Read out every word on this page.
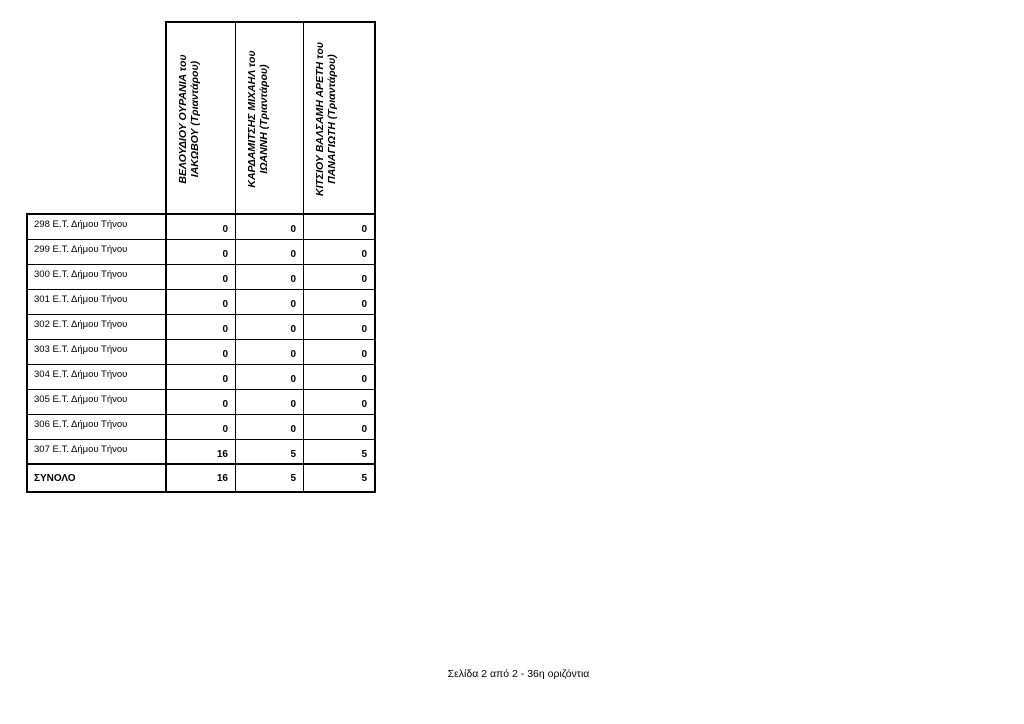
	ΒΕΛΟΥΔΙΟΥ ΟΥΡΑΝΙΑ του ΙΑΚΩΒΟΥ (Τριαντάρου)	ΚΑΡΔΑΜΙΤΣΗΣ ΜΙΧΑΗΛ του ΙΩΑΝΝΗ (Τριαντάρου)	ΚΙΤΣΙΟΥ ΒΑΛΣΑΜΗ ΑΡΕΤΗ του ΠΑΝΑΓΙΩΤΗ (Τριαντάρου)

298 Ε.Τ. Δήμου Τήνου	0	0	0
299 Ε.Τ. Δήμου Τήνου	0	0	0
300 Ε.Τ. Δήμου Τήνου	0	0	0
301 Ε.Τ. Δήμου Τήνου	0	0	0
302 Ε.Τ. Δήμου Τήνου	0	0	0
303 Ε.Τ. Δήμου Τήνου	0	0	0
304 Ε.Τ. Δήμου Τήνου	0	0	0
305 Ε.Τ. Δήμου Τήνου	0	0	0
306 Ε.Τ. Δήμου Τήνου	0	0	0
307 Ε.Τ. Δήμου Τήνου	16	5	5
ΣΥΝΟΛΟ	16	5	5
Σελίδα 2 από 2 - 36η οριζόντια
